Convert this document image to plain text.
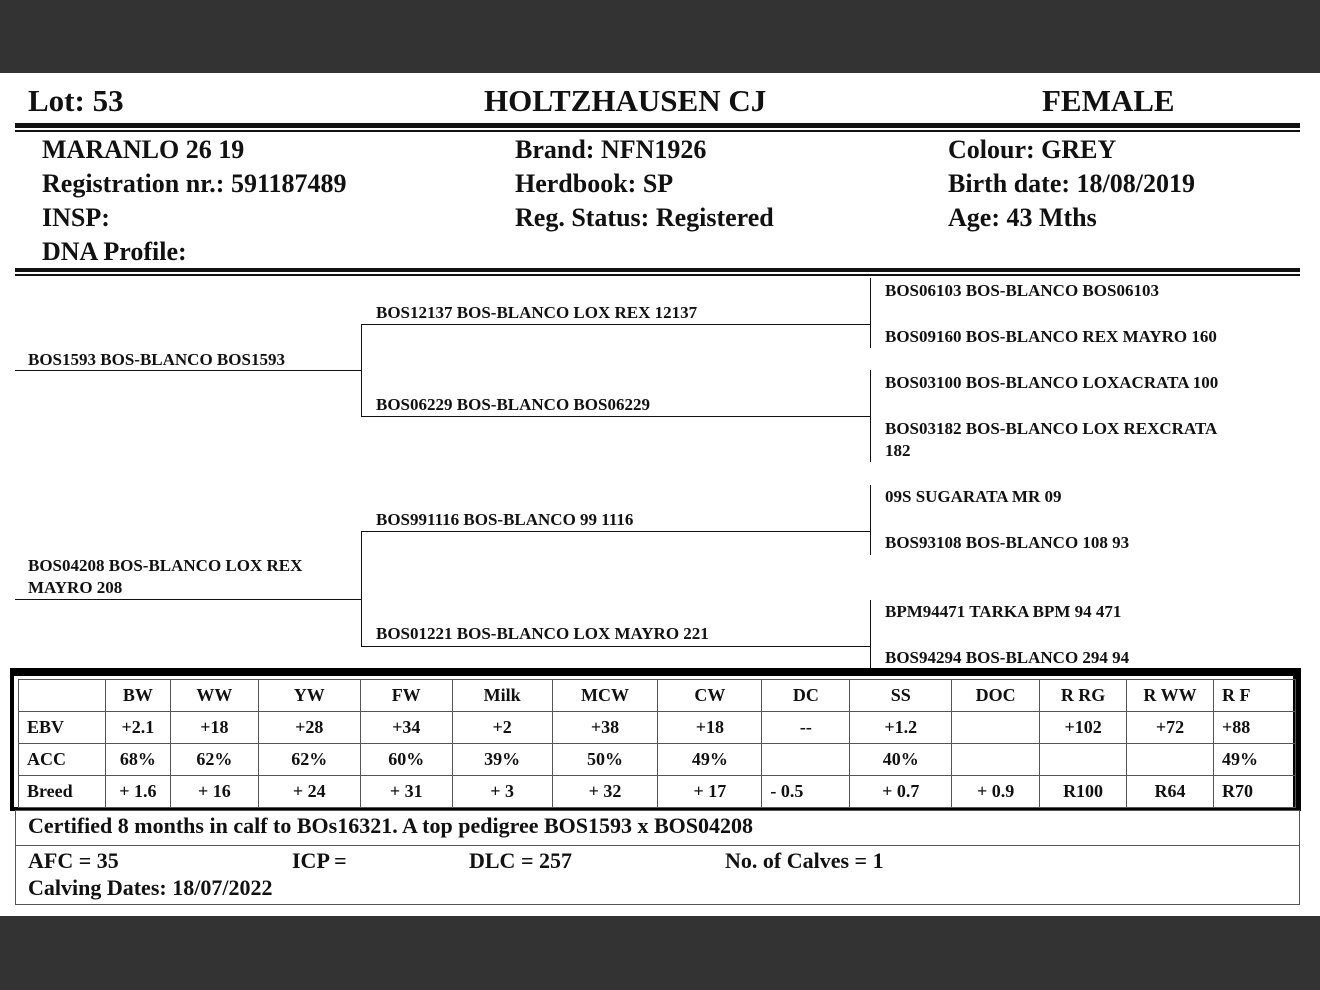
Lot: 53	HOLTZHAUSEN CJ	FEMALE
MARANLO 26 19
Registration nr.: 591187489
INSP:
DNA Profile:
Brand: NFN1926
Herdbook: SP
Reg. Status: Registered
Colour: GREY
Birth date: 18/08/2019
Age: 43 Mths
BOS1593 BOS-BLANCO BOS1593
BOS04208 BOS-BLANCO LOX REX
MAYRO 208
BOS12137 BOS-BLANCO LOX REX 12137
BOS06229 BOS-BLANCO BOS06229
BOS991116 BOS-BLANCO 99 1116
BOS01221 BOS-BLANCO LOX MAYRO 221
BOS06103 BOS-BLANCO BOS06103
BOS09160 BOS-BLANCO REX MAYRO 160
BOS03100 BOS-BLANCO LOXACRATA 100
BOS03182 BOS-BLANCO LOX REXCRATA
182
09S SUGARATA MR 09
BOS93108 BOS-BLANCO 108 93
BPM94471 TARKA BPM 94 471
BOS94294 BOS-BLANCO 294 94
	BW	WW	YW	FW	Milk	MCW	CW	DC	SS	DOC	R RG	R WW	R F
EBV	+2.1	+18	+28	+34	+2	+38	+18	--	+1.2		+102	+72	+88
ACC	68%	62%	62%	60%	39%	50%	49%		40%				49%
Breed	+ 1.6	+ 16	+ 24	+ 31	+ 3	+ 32	+ 17	- 0.5	+ 0.7	+ 0.9	R100	R64	R70
Certified 8 months in calf to BOs16321. A top pedigree BOS1593 x BOS04208
AFC = 35	ICP =	DLC = 257	No. of Calves = 1
Calving Dates: 18/07/2022
